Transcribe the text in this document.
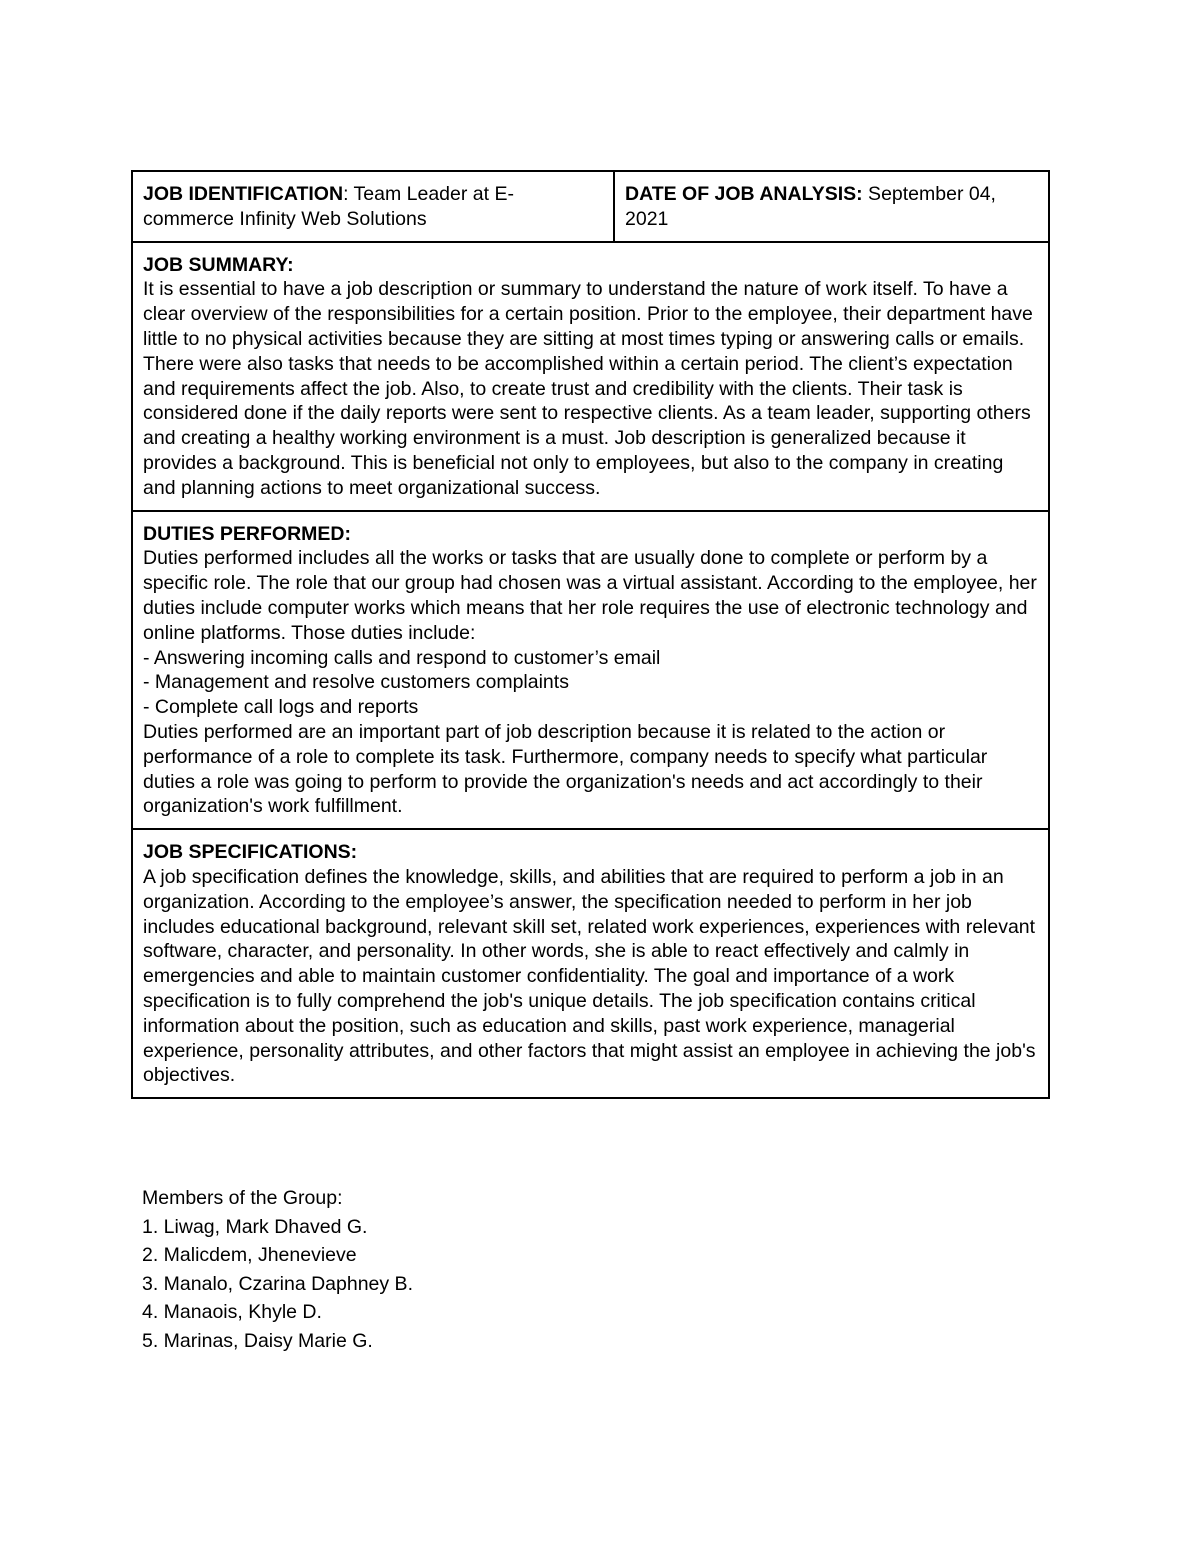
JOB IDENTIFICATION: Team Leader at E-commerce Infinity Web Solutions	DATE OF JOB ANALYSIS: September 04, 2021

JOB SUMMARY:
It is essential to have a job description or summary to understand the nature of work itself. To have a clear overview of the responsibilities for a certain position. Prior to the employee, their department have little to no physical activities because they are sitting at most times typing or answering calls or emails. There were also tasks that needs to be accomplished within a certain period. The client’s expectation and requirements affect the job. Also, to create trust and credibility with the clients. Their task is considered done if the daily reports were sent to respective clients. As a team leader, supporting others and creating a healthy working environment is a must. Job description is generalized because it provides a background. This is beneficial not only to employees, but also to the company in creating and planning actions to meet organizational success.

DUTIES PERFORMED:
Duties performed includes all the works or tasks that are usually done to complete or perform by a specific role. The role that our group had chosen was a virtual assistant. According to the employee, her duties include computer works which means that her role requires the use of electronic technology and online platforms. Those duties include:
- Answering incoming calls and respond to customer’s email
- Management and resolve customers complaints
- Complete call logs and reports
Duties performed are an important part of job description because it is related to the action or performance of a role to complete its task. Furthermore, company needs to specify what particular duties a role was going to perform to provide the organization's needs and act accordingly to their organization's work fulfillment.

JOB SPECIFICATIONS:
A job specification defines the knowledge, skills, and abilities that are required to perform a job in an organization. According to the employee’s answer, the specification needed to perform in her job includes educational background, relevant skill set, related work experiences, experiences with relevant software, character, and personality. In other words, she is able to react effectively and calmly in emergencies and able to maintain customer confidentiality. The goal and importance of a work specification is to fully comprehend the job's unique details. The job specification contains critical information about the position, such as education and skills, past work experience, managerial experience, personality attributes, and other factors that might assist an employee in achieving the job's objectives.
Members of the Group:
1. Liwag, Mark Dhaved G.
2. Malicdem, Jhenevieve
3. Manalo, Czarina Daphney B.
4. Manaois, Khyle D.
5. Marinas, Daisy Marie G.
